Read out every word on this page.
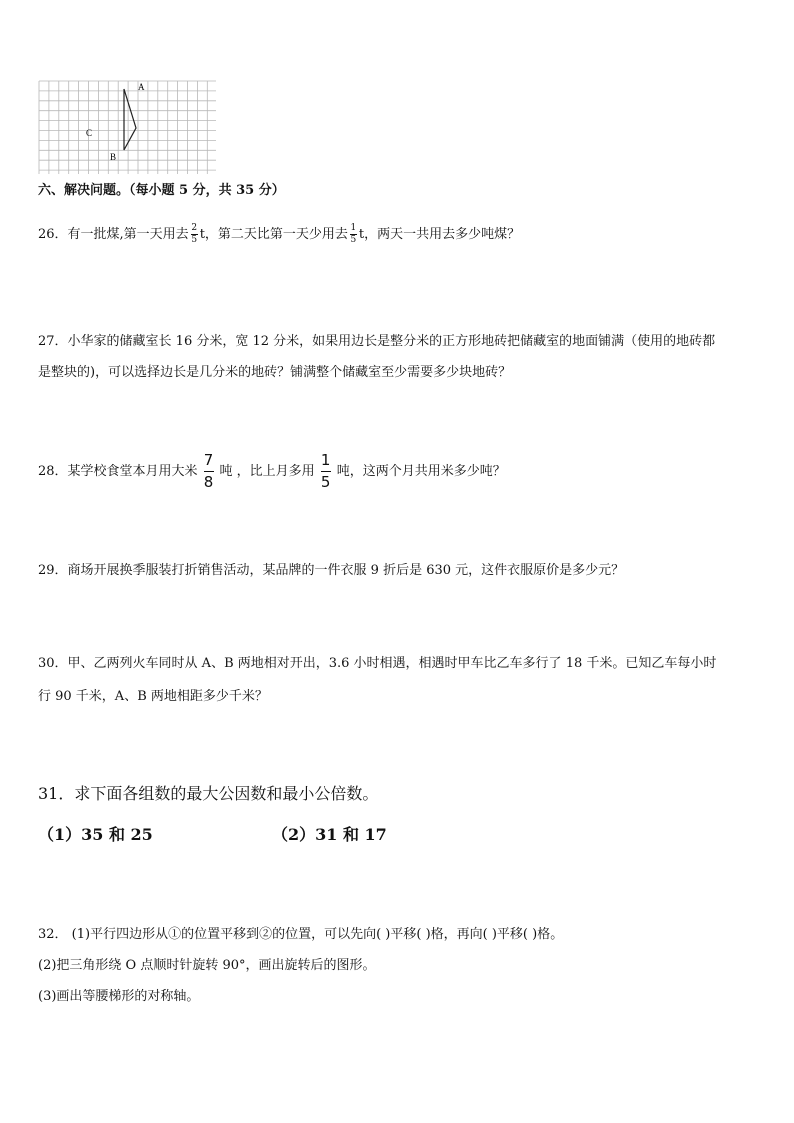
A
C
B
六、解决问题。（每小题 5 分，共 35 分）
26．有一批煤,第一天用去 $\frac{2}{5}$ t，第二天比第一天少用去 $\frac{1}{5}$ t，两天一共用去多少吨煤？
27．小华家的储藏室长 16 分米，宽 12 分米，如果用边长是整分米的正方形地砖把储藏室的地面铺满（使用的地砖都
是整块的)，可以选择边长是几分米的地砖？铺满整个储藏室至少需要多少块地砖？
28．某学校食堂本月用大米 $\frac{7}{8}$ 吨 ，比上月多用 $\frac{1}{5}$ 吨，这两个月共用米多少吨？
29．商场开展换季服装打折销售活动，某品牌的一件衣服 9 折后是 630 元，这件衣服原价是多少元？
30．甲、乙两列火车同时从 A、B 两地相对开出，3.6 小时相遇，相遇时甲车比乙车多行了 18 千米。已知乙车每小时
行 90 千米，A、B 两地相距多少千米？
31．求下面各组数的最大公因数和最小公倍数。
（1）35 和 25	（2）31 和 17
32． (1)平行四边形从①的位置平移到②的位置，可以先向( )平移( )格，再向( )平移( )格。
(2)把三角形绕 O 点顺时针旋转 90°，画出旋转后的图形。
(3)画出等腰梯形的对称轴。
